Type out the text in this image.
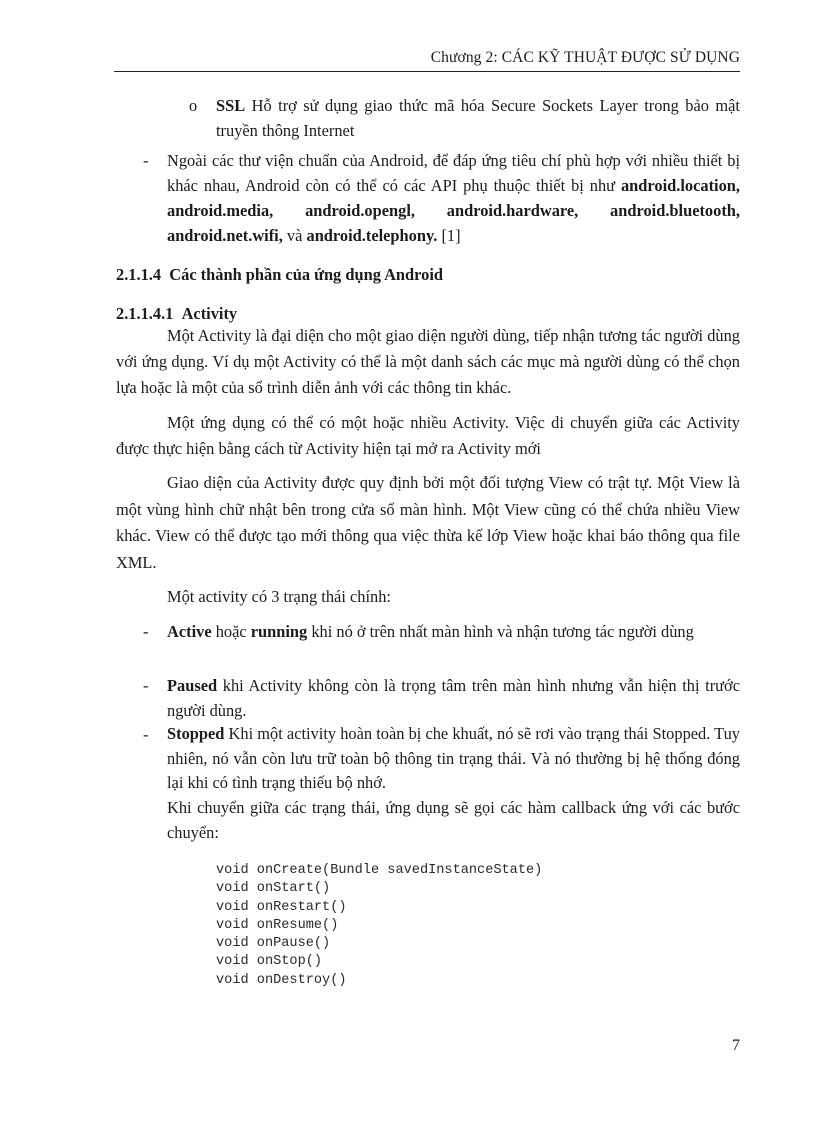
Chương 2: CÁC KỸ THUẬT ĐƯỢC SỬ DỤNG
o SSL Hỗ trợ sử dụng giao thức mã hóa Secure Sockets Layer trong bảo mật truyền thông Internet
- Ngoài các thư viện chuẩn của Android, để đáp ứng tiêu chí phù hợp với nhiều thiết bị khác nhau, Android còn có thể có các API phụ thuộc thiết bị như android.location, android.media, android.opengl, android.hardware, android.bluetooth, android.net.wifi, và android.telephony. [1]
2.1.1.4 Các thành phần của ứng dụng Android
2.1.1.4.1 Activity
Một Activity là đại diện cho một giao diện người dùng, tiếp nhận tương tác người dùng với ứng dụng. Ví dụ một Activity có thể là một danh sách các mục mà người dùng có thể chọn lựa hoặc là một của sổ trình diễn ảnh với các thông tin khác.
Một ứng dụng có thể có một hoặc nhiều Activity. Việc di chuyển giữa các Activity được thực hiện bằng cách từ Activity hiện tại mở ra Activity mới
Giao diện của Activity được quy định bởi một đối tượng View có trật tự. Một View là một vùng hình chữ nhật bên trong cửa sổ màn hình. Một View cũng có thể chứa nhiều View khác. View có thể được tạo mới thông qua việc thừa kế lớp View hoặc khai báo thông qua file XML.
Một activity có 3 trạng thái chính:
- Active hoặc running khi nó ở trên nhất màn hình và nhận tương tác người dùng
- Paused khi Activity không còn là trọng tâm trên màn hình nhưng vẫn hiện thị trước người dùng.
- Stopped Khi một activity hoàn toàn bị che khuất, nó sẽ rơi vào trạng thái Stopped. Tuy nhiên, nó vẫn còn lưu trữ toàn bộ thông tin trạng thái. Và nó thường bị hệ thống đóng lại khi có tình trạng thiếu bộ nhớ.
Khi chuyển giữa các trạng thái, ứng dụng sẽ gọi các hàm callback ứng với các bước chuyển:
void onCreate(Bundle savedInstanceState)
void onStart()
void onRestart()
void onResume()
void onPause()
void onStop()
void onDestroy()
7
